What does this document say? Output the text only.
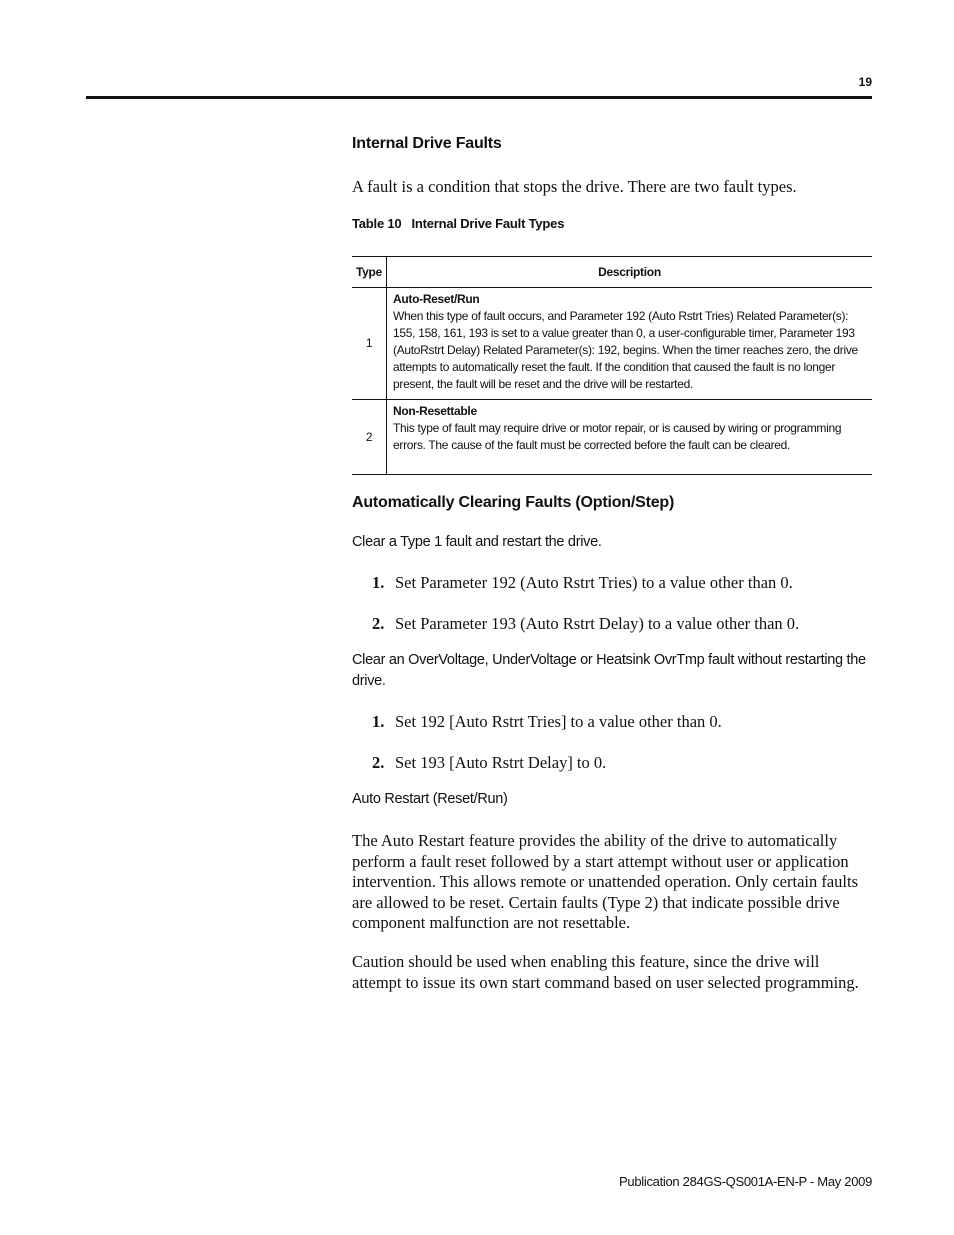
19
Internal Drive Faults
A fault is a condition that stops the drive. There are two fault types.
Table 10 Internal Drive Fault Types
Type	Description
1	Auto-Reset/Run
When this type of fault occurs, and Parameter 192 (Auto Rstrt Tries) Related Parameter(s): 155, 158, 161, 193 is set to a value greater than 0, a user-configurable timer, Parameter 193 (AutoRstrt Delay) Related Parameter(s): 192, begins. When the timer reaches zero, the drive attempts to automatically reset the fault. If the condition that caused the fault is no longer present, the fault will be reset and the drive will be restarted.
2	Non-Resettable
This type of fault may require drive or motor repair, or is caused by wiring or programming errors. The cause of the fault must be corrected before the fault can be cleared.
Automatically Clearing Faults (Option/Step)
Clear a Type 1 fault and restart the drive.
1. Set Parameter 192 (Auto Rstrt Tries) to a value other than 0.
2. Set Parameter 193 (Auto Rstrt Delay) to a value other than 0.
Clear an OverVoltage, UnderVoltage or Heatsink OvrTmp fault without restarting the drive.
1. Set 192 [Auto Rstrt Tries] to a value other than 0.
2. Set 193 [Auto Rstrt Delay] to 0.
Auto Restart (Reset/Run)
The Auto Restart feature provides the ability of the drive to automatically perform a fault reset followed by a start attempt without user or application intervention. This allows remote or unattended operation. Only certain faults are allowed to be reset. Certain faults (Type 2) that indicate possible drive component malfunction are not resettable.
Caution should be used when enabling this feature, since the drive will attempt to issue its own start command based on user selected programming.
Publication 284GS-QS001A-EN-P - May 2009
